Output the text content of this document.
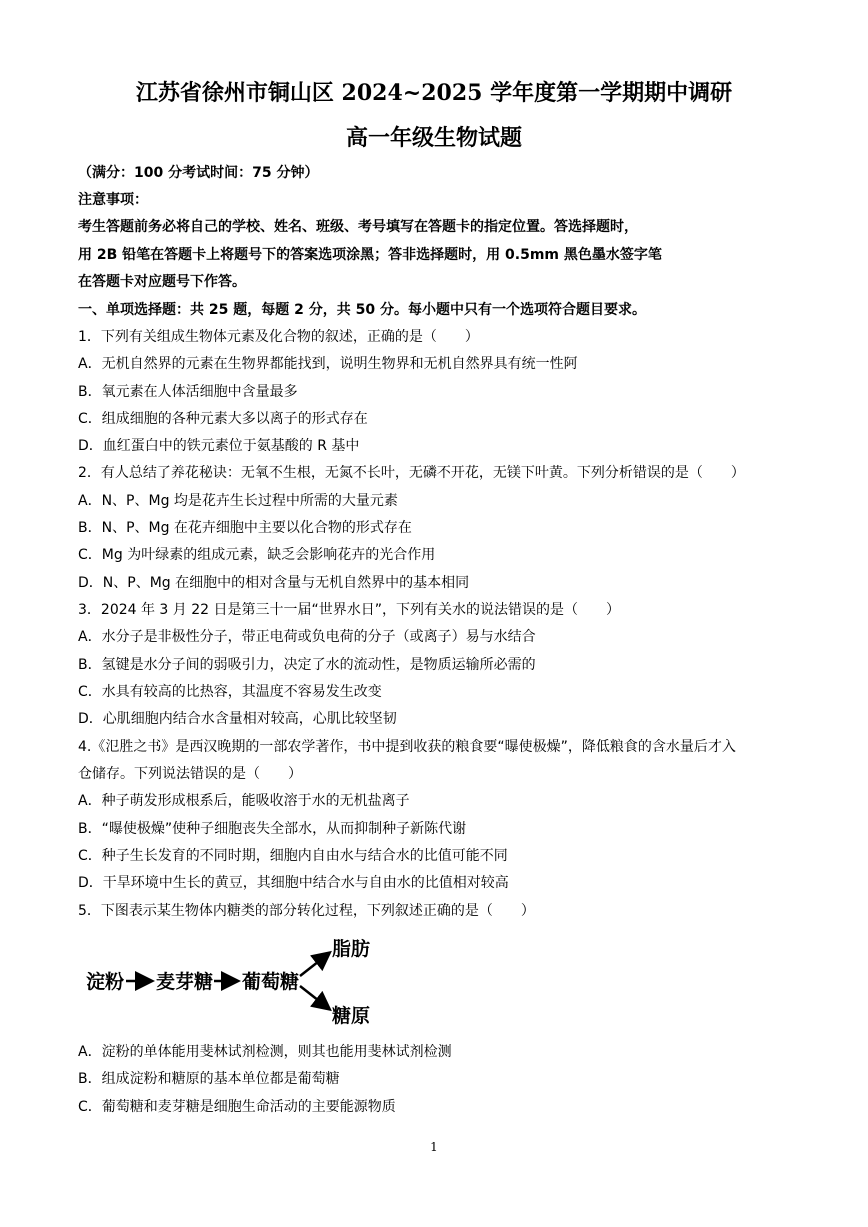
江苏省徐州市铜山区 2024~2025 学年度第一学期期中调研
高一年级生物试题
（满分：100 分考试时间：75 分钟）
注意事项：
考生答题前务必将自己的学校、姓名、班级、考号填写在答题卡的指定位置。答选择题时，
用 2B 铅笔在答题卡上将题号下的答案选项涂黑；答非选择题时，用 0.5mm 黑色墨水签字笔
在答题卡对应题号下作答。
一、单项选择题：共 25 题，每题 2 分，共 50 分。每小题中只有一个选项符合题目要求。
1．下列有关组成生物体元素及化合物的叙述，正确的是（　　）
A．无机自然界的元素在生物界都能找到，说明生物界和无机自然界具有统一性阿
B．氧元素在人体活细胞中含量最多
C．组成细胞的各种元素大多以离子的形式存在
D．血红蛋白中的铁元素位于氨基酸的 R 基中
2．有人总结了养花秘诀：无氧不生根，无氮不长叶，无磷不开花，无镁下叶黄。下列分析错误的是（　　）
A．N、P、Mg 均是花卉生长过程中所需的大量元素
B．N、P、Mg 在花卉细胞中主要以化合物的形式存在
C．Mg 为叶绿素的组成元素，缺乏会影响花卉的光合作用
D．N、P、Mg 在细胞中的相对含量与无机自然界中的基本相同
3．2024 年 3 月 22 日是第三十一届“世界水日”，下列有关水的说法错误的是（　　）
A．水分子是非极性分子，带正电荷或负电荷的分子（或离子）易与水结合
B．氢键是水分子间的弱吸引力，决定了水的流动性，是物质运输所必需的
C．水具有较高的比热容，其温度不容易发生改变
D．心肌细胞内结合水含量相对较高，心肌比较坚韧
4.《氾胜之书》是西汉晚期的一部农学著作，书中提到收获的粮食要“曝使极燥”，降低粮食的含水量后才入
仓储存。下列说法错误的是（　　）
A．种子萌发形成根系后，能吸收溶于水的无机盐离子
B．“曝使极燥”使种子细胞丧失全部水，从而抑制种子新陈代谢
C．种子生长发育的不同时期，细胞内自由水与结合水的比值可能不同
D．干旱环境中生长的黄豆，其细胞中结合水与自由水的比值相对较高
5．下图表示某生物体内糖类的部分转化过程，下列叙述正确的是（　　）
淀粉 麦芽糖 葡萄糖
脂肪
糖原
A．淀粉的单体能用斐林试剂检测，则其也能用斐林试剂检测
B．组成淀粉和糖原的基本单位都是葡萄糖
C．葡萄糖和麦芽糖是细胞生命活动的主要能源物质
1
